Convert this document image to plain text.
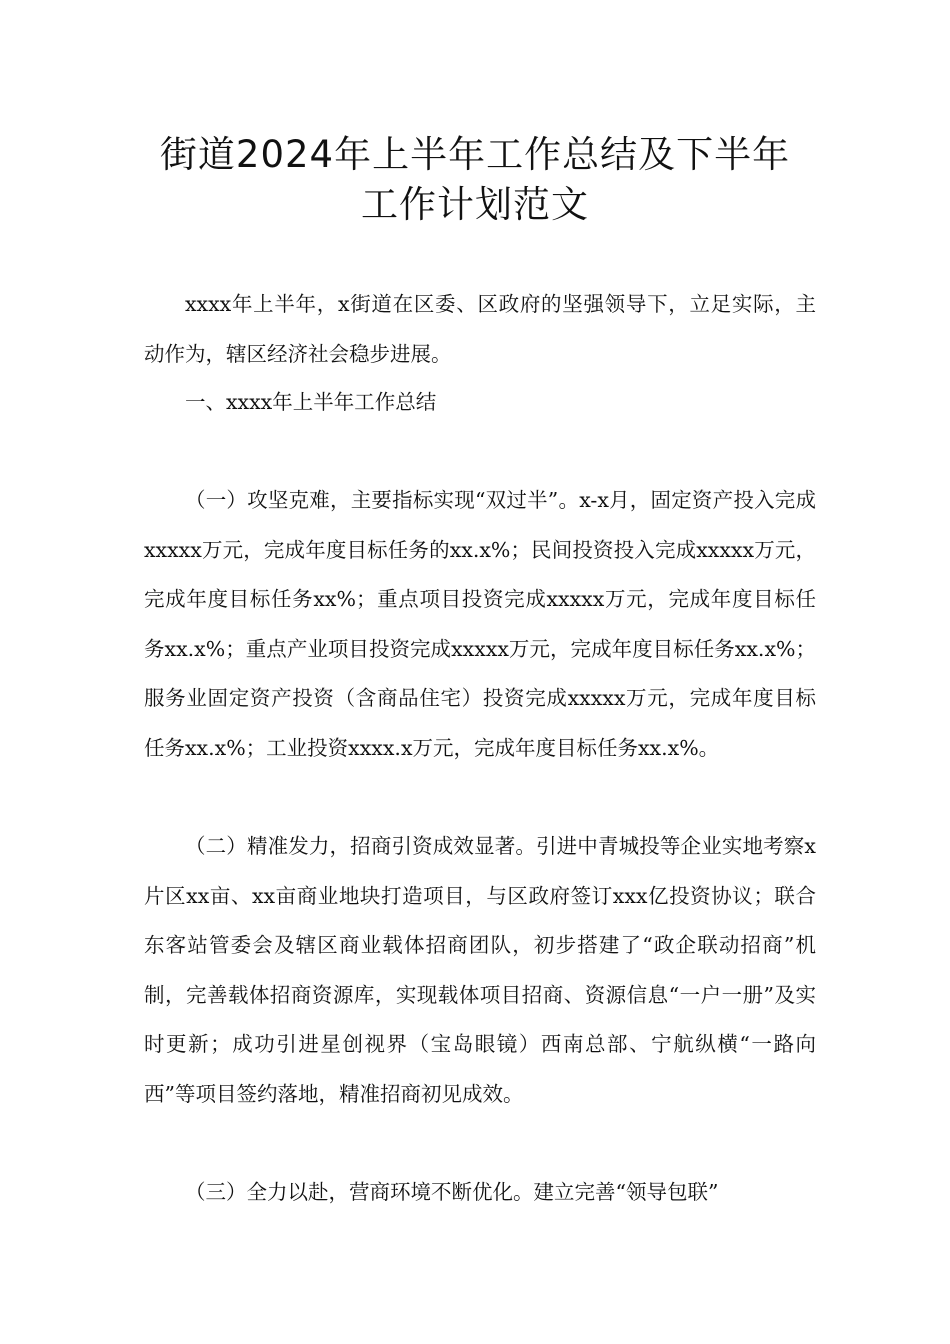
街道2024年上半年工作总结及下半年
工作计划范文

xxxx年上半年，x街道在区委、区政府的坚强领导下，立足实际，主动作为，辖区经济社会稳步进展。

一、xxxx年上半年工作总结

（一）攻坚克难，主要指标实现“双过半”。x-x月，固定资产投入完成xxxxx万元，完成年度目标任务的xx.x%；民间投资投入完成xxxxx万元，完成年度目标任务xx%；重点项目投资完成xxxxx万元，完成年度目标任务xx.x%；重点产业项目投资完成xxxxx万元，完成年度目标任务xx.x%；服务业固定资产投资（含商品住宅）投资完成xxxxx万元，完成年度目标任务xx.x%；工业投资xxxx.x万元，完成年度目标任务xx.x%。

（二）精准发力，招商引资成效显著。引进中青城投等企业实地考察x片区xx亩、xx亩商业地块打造项目，与区政府签订xxx亿投资协议；联合东客站管委会及辖区商业载体招商团队，初步搭建了“政企联动招商”机制，完善载体招商资源库，实现载体项目招商、资源信息“一户一册”及实时更新；成功引进星创视界（宝岛眼镜）西南总部、宁航纵横“一路向西”等项目签约落地，精准招商初见成效。

（三）全力以赴，营商环境不断优化。建立完善“领导包联”
